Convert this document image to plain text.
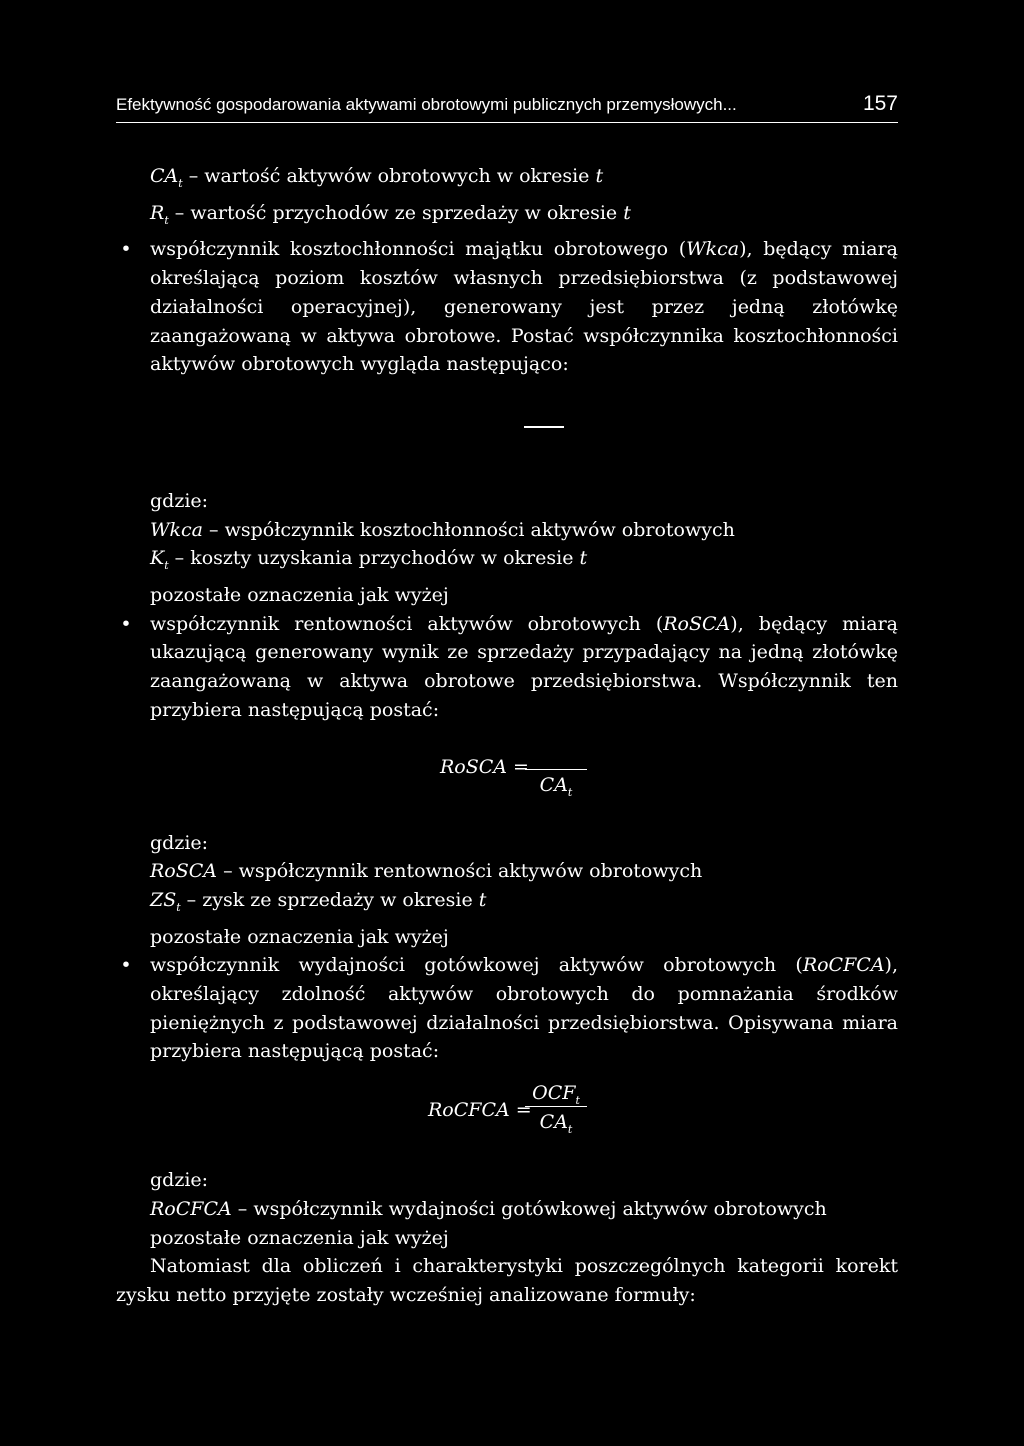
Efektywność gospodarowania aktywami obrotowymi publicznych przemysłowych...	157
$CA_t$ – wartość aktywów obrotowych w okresie t
$R_t$ – wartość przychodów ze sprzedaży w okresie t
• współczynnik kosztochłonności majątku obrotowego (Wkca), będący miarą określającą poziom kosztów własnych przedsiębiorstwa (z podstawowej działalności operacyjnej), generowany jest przez jedną złotówkę zaangażowaną w aktywa obrotowe. Postać współczynnika kosztochłonności aktywów obrotowych wygląda następująco:
gdzie:
Wkca – współczynnik kosztochłonności aktywów obrotowych
$K_t$ – koszty uzyskania przychodów w okresie t
pozostałe oznaczenia jak wyżej
• współczynnik rentowności aktywów obrotowych (RoSCA), będący miarą ukazującą generowany wynik ze sprzedaży przypadający na jedną złotówkę zaangażowaną w aktywa obrotowe przedsiębiorstwa. Współczynnik ten przybiera następującą postać:
RoSCA =
$CA_t$
gdzie:
RoSCA – współczynnik rentowności aktywów obrotowych
$ZS_t$ – zysk ze sprzedaży w okresie t
pozostałe oznaczenia jak wyżej
• współczynnik wydajności gotówkowej aktywów obrotowych (RoCFCA), określający zdolność aktywów obrotowych do pomnażania środków pieniężnych z podstawowej działalności przedsiębiorstwa. Opisywana miara przybiera następującą postać:
RoCFCA =
$OCF_t$
$CA_t$
gdzie:
RoCFCA – współczynnik wydajności gotówkowej aktywów obrotowych
pozostałe oznaczenia jak wyżej
Natomiast dla obliczeń i charakterystyki poszczególnych kategorii korekt zysku netto przyjęte zostały wcześniej analizowane formuły:
